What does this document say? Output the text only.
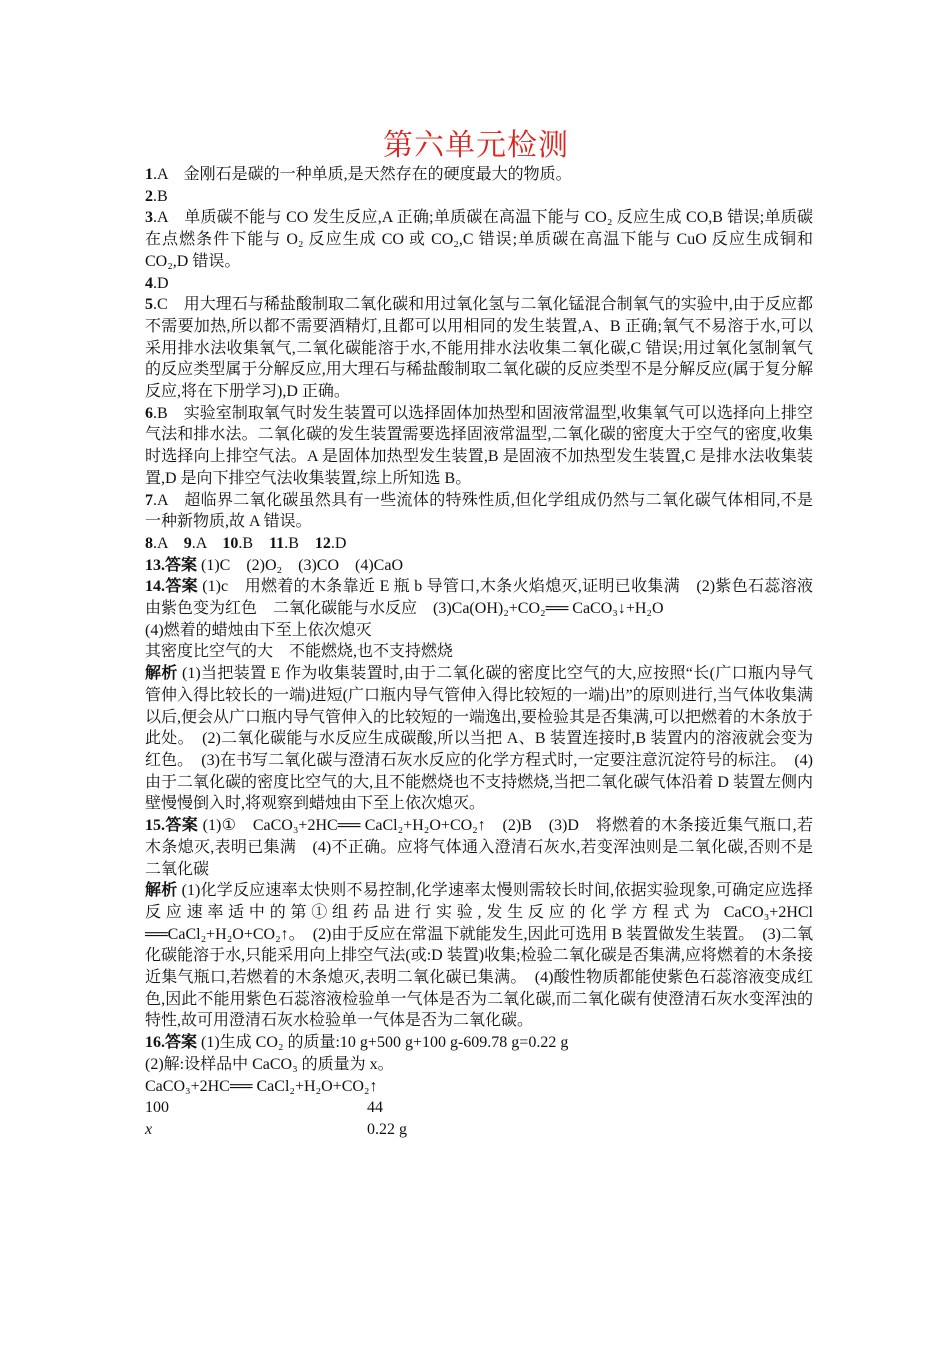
第六单元检测

1.A　金刚石是碳的一种单质,是天然存在的硬度最大的物质。

2.B

3.A　单质碳不能与 CO 发生反应,A 正确;单质碳在高温下能与 CO₂ 反应生成 CO,B 错误;单质碳在点燃条件下能与 O₂ 反应生成 CO 或 CO₂,C 错误;单质碳在高温下能与 CuO 反应生成铜和 CO₂,D 错误。

4.D

5.C　用大理石与稀盐酸制取二氧化碳和用过氧化氢与二氧化锰混合制氧气的实验中,由于反应都不需要加热,所以都不需要酒精灯,且都可以用相同的发生装置,A、B 正确;氧气不易溶于水,可以采用排水法收集氧气,二氧化碳能溶于水,不能用排水法收集二氧化碳,C 错误;用过氧化氢制氧气的反应类型属于分解反应,用大理石与稀盐酸制取二氧化碳的反应类型不是分解反应(属于复分解反应,将在下册学习),D 正确。

6.B　实验室制取氧气时发生装置可以选择固体加热型和固液常温型,收集氧气可以选择向上排空气法和排水法。二氧化碳的发生装置需要选择固液常温型,二氧化碳的密度大于空气的密度,收集时选择向上排空气法。A 是固体加热型发生装置,B 是固液不加热型发生装置,C 是排水法收集装置,D 是向下排空气法收集装置,综上所知选 B。

7.A　超临界二氧化碳虽然具有一些流体的特殊性质,但化学组成仍然与二氧化碳气体相同,不是一种新物质,故 A 错误。

8.A　9.A　10.B　11.B　12.D

13.答案 (1)C　(2)O₂　(3)CO　(4)CaO

14.答案 (1)c　用燃着的木条靠近 E 瓶 b 导管口,木条火焰熄灭,证明已收集满　(2)紫色石蕊溶液由紫色变为红色　二氧化碳能与水反应　(3)Ca(OH)₂+CO₂══ CaCO₃↓+H₂O

(4)燃着的蜡烛由下至上依次熄灭

其密度比空气的大　不能燃烧,也不支持燃烧

解析 (1)当把装置 E 作为收集装置时,由于二氧化碳的密度比空气的大,应按照“长(广口瓶内导气管伸入得比较长的一端)进短(广口瓶内导气管伸入得比较短的一端)出”的原则进行,当气体收集满以后,便会从广口瓶内导气管伸入的比较短的一端逸出,要检验其是否集满,可以把燃着的木条放于此处。　(2)二氧化碳能与水反应生成碳酸,所以当把 A、B 装置连接时,B 装置内的溶液就会变为红色。　(3)在书写二氧化碳与澄清石灰水反应的化学方程式时,一定要注意沉淀符号的标注。　(4)由于二氧化碳的密度比空气的大,且不能燃烧也不支持燃烧,当把二氧化碳气体沿着 D 装置左侧内壁慢慢倒入时,将观察到蜡烛由下至上依次熄灭。

15.答案 (1)①　CaCO₃+2HC══ CaCl₂+H₂O+CO₂↑　(2)B　(3)D　将燃着的木条接近集气瓶口,若木条熄灭,表明已集满　(4)不正确。应将气体通入澄清石灰水,若变浑浊则是二氧化碳,否则不是二氧化碳

解析 (1)化学反应速率太快则不易控制,化学速率太慢则需较长时间,依据实验现象,可确定应选择反应速率适中的第①组药品进行实验,发生反应的化学方程式为 CaCO₃+2HCl ══CaCl₂+H₂O+CO₂↑。　(2)由于反应在常温下就能发生,因此可选用 B 装置做发生装置。　(3)二氧化碳能溶于水,只能采用向上排空气法(或:D 装置)收集;检验二氧化碳是否集满,应将燃着的木条接近集气瓶口,若燃着的木条熄灭,表明二氧化碳已集满。　(4)酸性物质都能使紫色石蕊溶液变成红色,因此不能用紫色石蕊溶液检验单一气体是否为二氧化碳,而二氧化碳有使澄清石灰水变浑浊的特性,故可用澄清石灰水检验单一气体是否为二氧化碳。

16.答案 (1)生成 CO₂ 的质量:10 g+500 g+100 g-609.78 g=0.22 g

(2)解:设样品中 CaCO₃ 的质量为 x。

CaCO₃+2HC══ CaCl₂+H₂O+CO₂↑

100	44
x	0.22 g
